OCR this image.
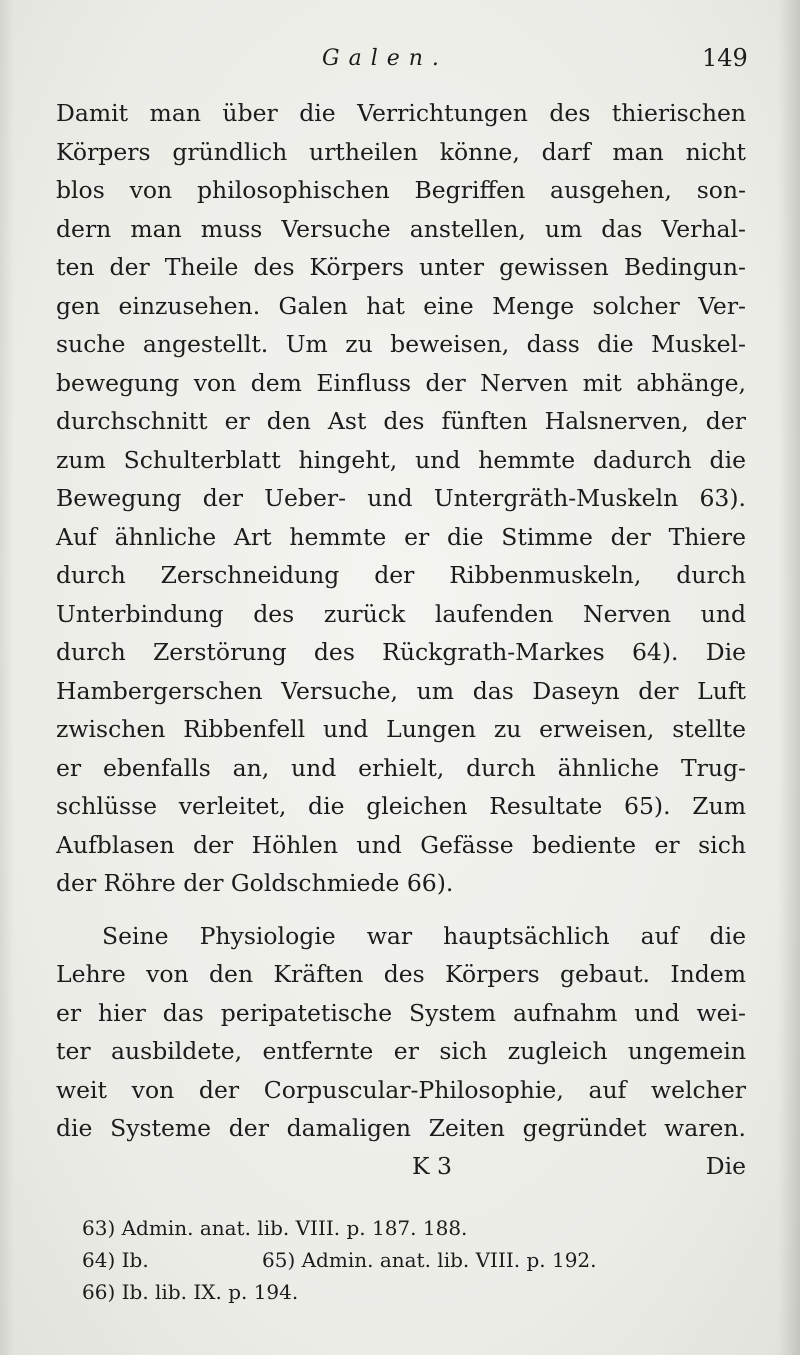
Galen.	149
Damit man über die Verrichtungen des thierischen
Körpers gründlich urtheilen könne, darf man nicht
blos von philosophischen Begriffen ausgehen, son-
dern man muss Versuche anstellen, um das Verhal-
ten der Theile des Körpers unter gewissen Bedingun-
gen einzusehen. Galen hat eine Menge solcher Ver-
suche angestellt. Um zu beweisen, dass die Muskel-
bewegung von dem Einfluss der Nerven mit abhänge,
durchschnitt er den Ast des fünften Halsnerven, der
zum Schulterblatt hingeht, und hemmte dadurch die
Bewegung der Ueber- und Untergräth-Muskeln 63).
Auf ähnliche Art hemmte er die Stimme der Thiere
durch Zerschneidung der Ribbenmuskeln, durch
Unterbindung des zurück laufenden Nerven und
durch Zerstörung des Rückgrath-Markes 64). Die
Hambergerschen Versuche, um das Daseyn der Luft
zwischen Ribbenfell und Lungen zu erweisen, stellte
er ebenfalls an, und erhielt, durch ähnliche Trug-
schlüsse verleitet, die gleichen Resultate 65). Zum
Aufblasen der Höhlen und Gefässe bediente er sich
der Röhre der Goldschmiede 66).
Seine Physiologie war hauptsächlich auf die
Lehre von den Kräften des Körpers gebaut. Indem
er hier das peripatetische System aufnahm und wei-
ter ausbildete, entfernte er sich zugleich ungemein
weit von der Corpuscular-Philosophie, auf welcher
die Systeme der damaligen Zeiten gegründet waren.
K 3	Die
63) Admin. anat. lib. VIII. p. 187. 188.
64) Ib.	65) Admin. anat. lib. VIII. p. 192.
66) Ib. lib. IX. p. 194.
